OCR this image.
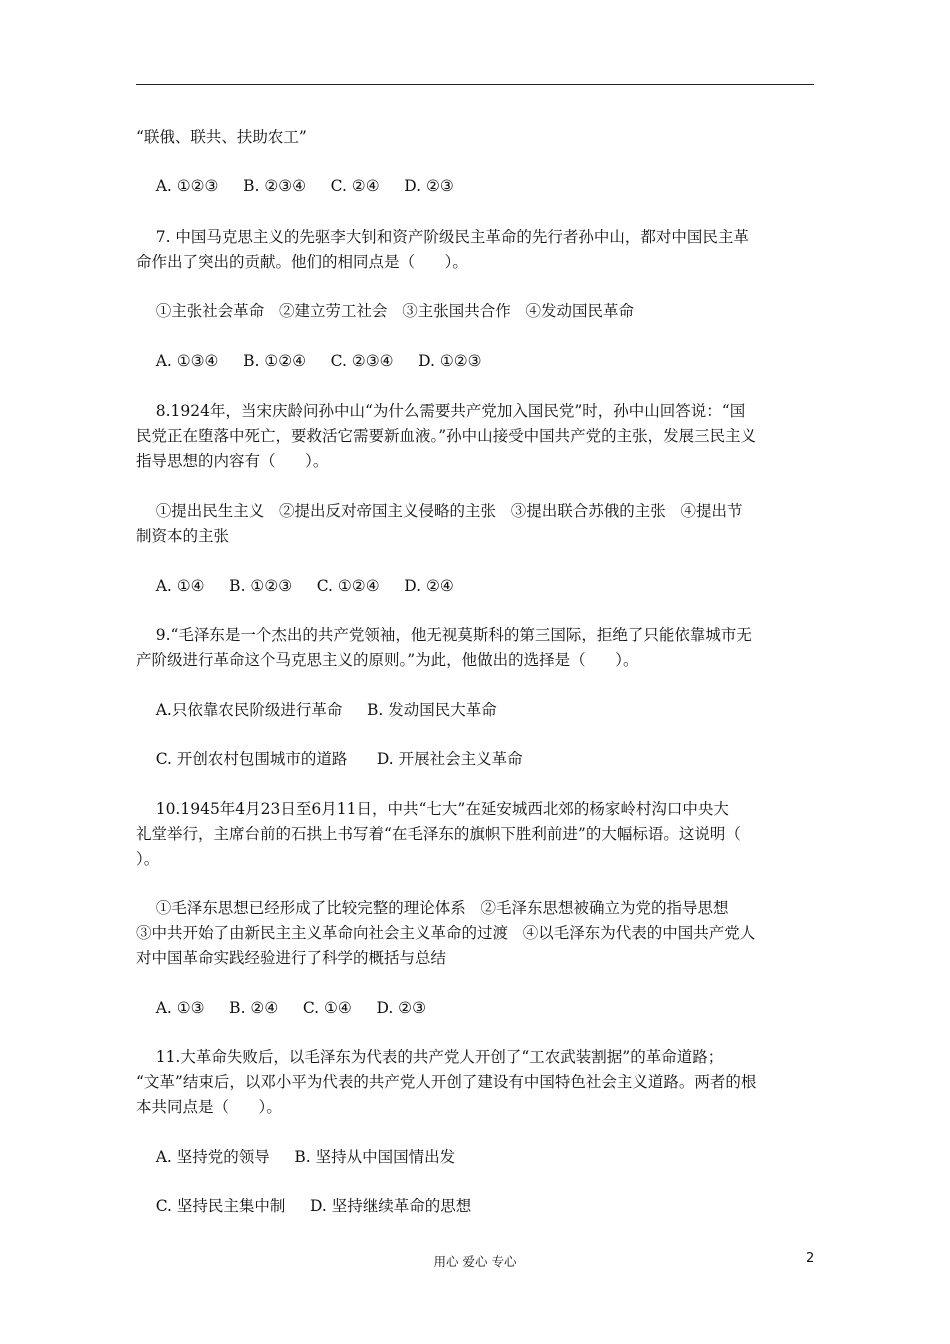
“联俄、联共、扶助农工”
A. ①②③     B. ②③④     C. ②④     D. ②③
7. 中国马克思主义的先驱李大钊和资产阶级民主革命的先行者孙中山，都对中国民主革
命作出了突出的贡献。他们的相同点是（      ）。
①主张社会革命   ②建立劳工社会   ③主张国共合作   ④发动国民革命
A. ①③④     B. ①②④     C. ②③④     D. ①②③
8.1924年，当宋庆龄问孙中山“为什么需要共产党加入国民党”时，孙中山回答说：“国
民党正在堕落中死亡，要救活它需要新血液。”孙中山接受中国共产党的主张，发展三民主义
指导思想的内容有（      ）。
①提出民生主义   ②提出反对帝国主义侵略的主张   ③提出联合苏俄的主张   ④提出节
制资本的主张
A. ①④     B. ①②③     C. ①②④     D. ②④
9.“毛泽东是一个杰出的共产党领袖，他无视莫斯科的第三国际，拒绝了只能依靠城市无
产阶级进行革命这个马克思主义的原则。”为此，他做出的选择是（      ）。
A.只依靠农民阶级进行革命     B. 发动国民大革命
C. 开创农村包围城市的道路      D. 开展社会主义革命
10.1945年4月23日至6月11日，中共“七大”在延安城西北郊的杨家岭村沟口中央大
礼堂举行，主席台前的石拱上书写着“在毛泽东的旗帜下胜利前进”的大幅标语。这说明（
）。
①毛泽东思想已经形成了比较完整的理论体系   ②毛泽东思想被确立为党的指导思想
③中共开始了由新民主主义革命向社会主义革命的过渡   ④以毛泽东为代表的中国共产党人
对中国革命实践经验进行了科学的概括与总结
A. ①③     B. ②④     C. ①④     D. ②③
11.大革命失败后，以毛泽东为代表的共产党人开创了“工农武装割据”的革命道路；
“文革”结束后，以邓小平为代表的共产党人开创了建设有中国特色社会主义道路。两者的根
本共同点是（      ）。
A. 坚持党的领导     B. 坚持从中国国情出发
C. 坚持民主集中制     D. 坚持继续革命的思想
用心 爱心 专心	2
